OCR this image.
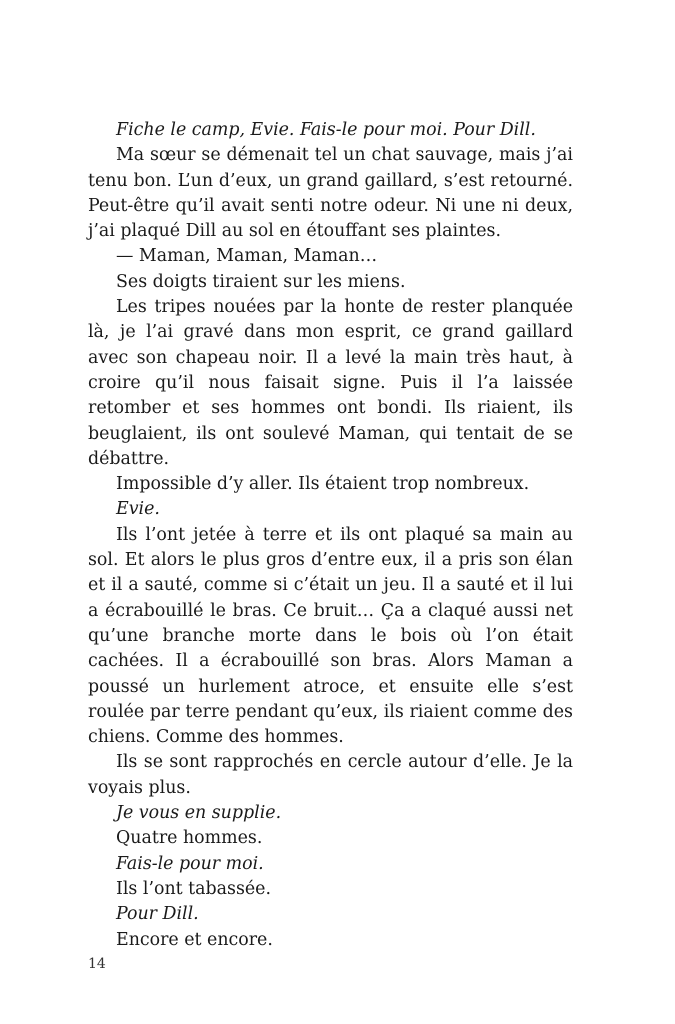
Fiche le camp, Evie. Fais-le pour moi. Pour Dill.

Ma sœur se démenait tel un chat sauvage, mais j’ai tenu bon. L’un d’eux, un grand gaillard, s’est retourné. Peut-être qu’il avait senti notre odeur. Ni une ni deux, j’ai plaqué Dill au sol en étouffant ses plaintes.

— Maman, Maman, Maman…

Ses doigts tiraient sur les miens.

Les tripes nouées par la honte de rester planquée là, je l’ai gravé dans mon esprit, ce grand gaillard avec son chapeau noir. Il a levé la main très haut, à croire qu’il nous faisait signe. Puis il l’a laissée retomber et ses hommes ont bondi. Ils riaient, ils beuglaient, ils ont soulevé Maman, qui tentait de se débattre.

Impossible d’y aller. Ils étaient trop nombreux.

Evie.

Ils l’ont jetée à terre et ils ont plaqué sa main au sol. Et alors le plus gros d’entre eux, il a pris son élan et il a sauté, comme si c’était un jeu. Il a sauté et il lui a écrabouillé le bras. Ce bruit… Ça a claqué aussi net qu’une branche morte dans le bois où l’on était cachées. Il a écrabouillé son bras. Alors Maman a poussé un hurlement atroce, et ensuite elle s’est roulée par terre pendant qu’eux, ils riaient comme des chiens. Comme des hommes.

Ils se sont rapprochés en cercle autour d’elle. Je la voyais plus.

Je vous en supplie.

Quatre hommes.

Fais-le pour moi.

Ils l’ont tabassée.

Pour Dill.

Encore et encore.

14
